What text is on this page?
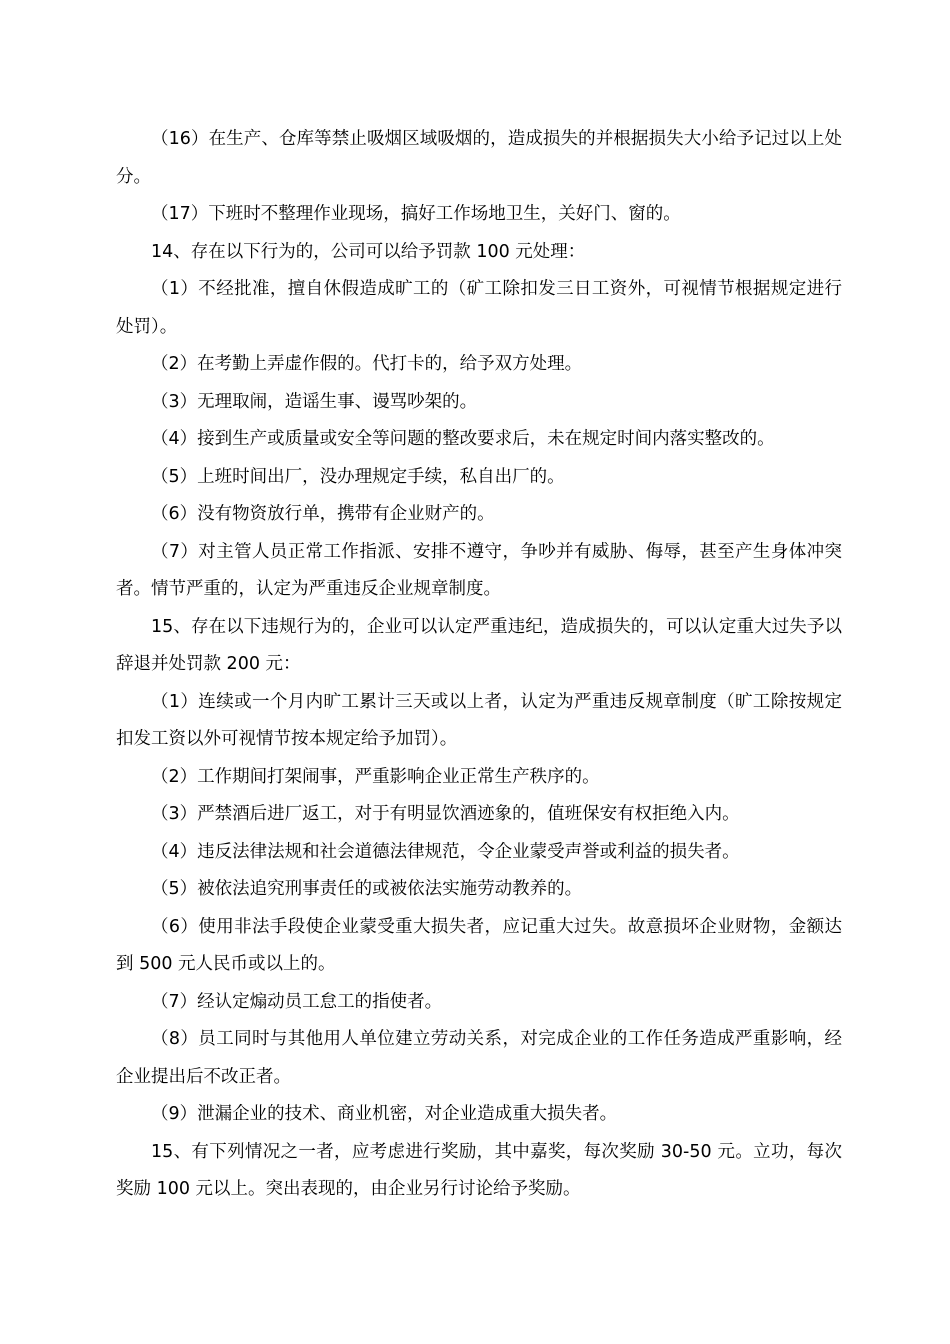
（16）在生产、仓库等禁止吸烟区域吸烟的，造成损失的并根据损失大小给予记过以上处分。

（17）下班时不整理作业现场，搞好工作场地卫生，关好门、窗的。

14、存在以下行为的，公司可以给予罚款 100 元处理：

（1）不经批准，擅自休假造成旷工的（矿工除扣发三日工资外，可视情节根据规定进行处罚）。

（2）在考勤上弄虚作假的。代打卡的，给予双方处理。

（3）无理取闹，造谣生事、谩骂吵架的。

（4）接到生产或质量或安全等问题的整改要求后，未在规定时间内落实整改的。

（5）上班时间出厂，没办理规定手续，私自出厂的。

（6）没有物资放行单，携带有企业财产的。

（7）对主管人员正常工作指派、安排不遵守，争吵并有威胁、侮辱，甚至产生身体冲突者。情节严重的，认定为严重违反企业规章制度。

15、存在以下违规行为的，企业可以认定严重违纪，造成损失的，可以认定重大过失予以辞退并处罚款 200 元：

（1）连续或一个月内旷工累计三天或以上者，认定为严重违反规章制度（旷工除按规定扣发工资以外可视情节按本规定给予加罚）。

（2）工作期间打架闹事，严重影响企业正常生产秩序的。

（3）严禁酒后进厂返工，对于有明显饮酒迹象的，值班保安有权拒绝入内。

（4）违反法律法规和社会道德法律规范，令企业蒙受声誉或利益的损失者。

（5）被依法追究刑事责任的或被依法实施劳动教养的。

（6）使用非法手段使企业蒙受重大损失者，应记重大过失。故意损坏企业财物，金额达到 500 元人民币或以上的。

（7）经认定煽动员工怠工的指使者。

（8）员工同时与其他用人单位建立劳动关系，对完成企业的工作任务造成严重影响，经企业提出后不改正者。

（9）泄漏企业的技术、商业机密，对企业造成重大损失者。

15、有下列情况之一者，应考虑进行奖励，其中嘉奖，每次奖励 30-50 元。立功，每次奖励 100 元以上。突出表现的，由企业另行讨论给予奖励。
